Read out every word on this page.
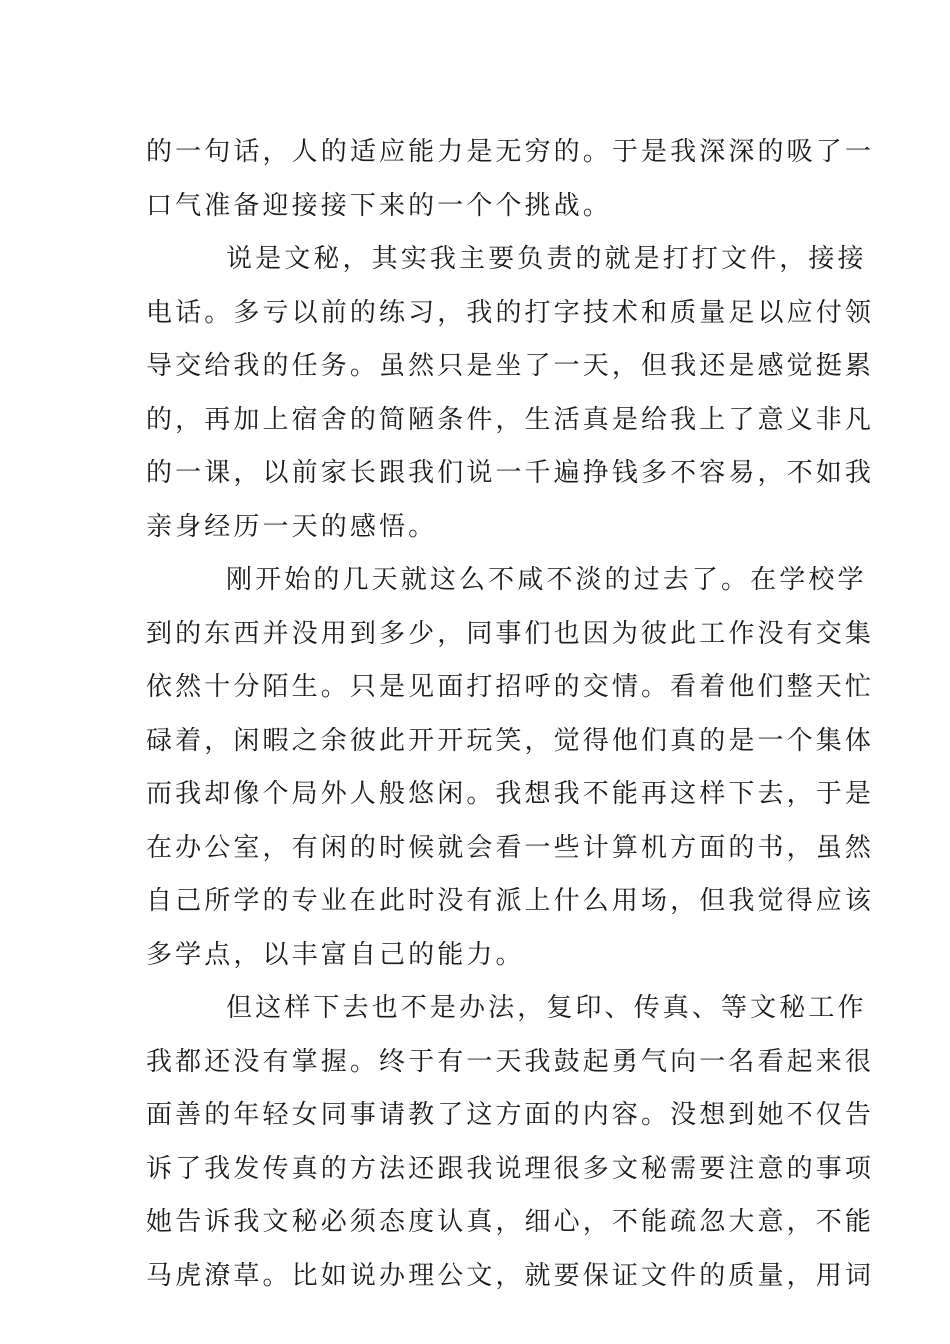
的一句话，人的适应能力是无穷的。于是我深深的吸了一
口气准备迎接接下来的一个个挑战。
说是文秘，其实我主要负责的就是打打文件，接接
电话。多亏以前的练习，我的打字技术和质量足以应付领
导交给我的任务。虽然只是坐了一天，但我还是感觉挺累
的，再加上宿舍的简陋条件，生活真是给我上了意义非凡
的一课，以前家长跟我们说一千遍挣钱多不容易，不如我
亲身经历一天的感悟。
刚开始的几天就这么不咸不淡的过去了。在学校学
到的东西并没用到多少，同事们也因为彼此工作没有交集
依然十分陌生。只是见面打招呼的交情。看着他们整天忙
碌着，闲暇之余彼此开开玩笑，觉得他们真的是一个集体
而我却像个局外人般悠闲。我想我不能再这样下去，于是
在办公室，有闲的时候就会看一些计算机方面的书，虽然
自己所学的专业在此时没有派上什么用场，但我觉得应该
多学点，以丰富自己的能力。
但这样下去也不是办法，复印、传真、等文秘工作
我都还没有掌握。终于有一天我鼓起勇气向一名看起来很
面善的年轻女同事请教了这方面的内容。没想到她不仅告
诉了我发传真的方法还跟我说理很多文秘需要注意的事项
她告诉我文秘必须态度认真，细心，不能疏忽大意，不能
马虎潦草。比如说办理公文，就要保证文件的质量，用词
